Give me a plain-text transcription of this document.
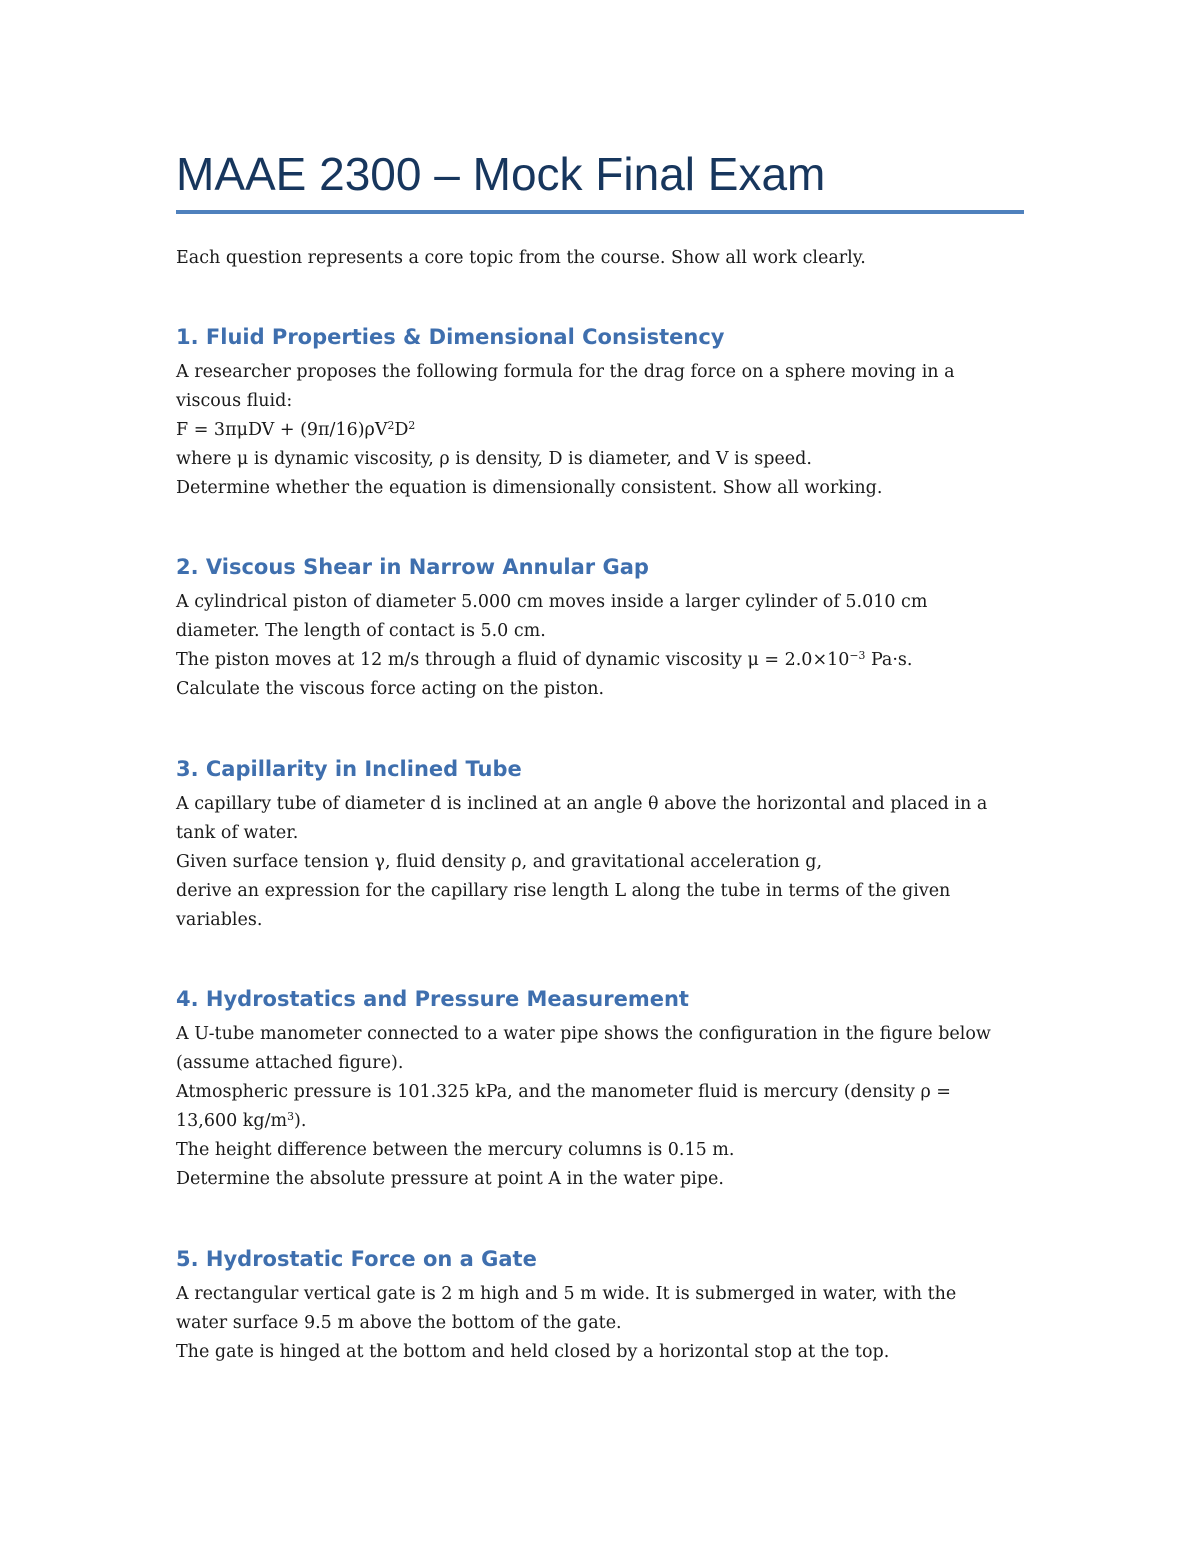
MAAE 2300 – Mock Final Exam

Each question represents a core topic from the course. Show all work clearly.

1. Fluid Properties & Dimensional Consistency

A researcher proposes the following formula for the drag force on a sphere moving in a

viscous fluid:

$F = 3\pi\mu DV + (9\pi/16)\rho V^2D^2$

where μ is dynamic viscosity, ρ is density, D is diameter, and V is speed.

Determine whether the equation is dimensionally consistent. Show all working.

2. Viscous Shear in Narrow Annular Gap

A cylindrical piston of diameter 5.000 cm moves inside a larger cylinder of 5.010 cm

diameter. The length of contact is 5.0 cm.

The piston moves at 12 m/s through a fluid of dynamic viscosity $\mu = 2.0\times 10^{-3}$ Pa·s.

Calculate the viscous force acting on the piston.

3. Capillarity in Inclined Tube

A capillary tube of diameter d is inclined at an angle θ above the horizontal and placed in a

tank of water.

Given surface tension γ, fluid density ρ, and gravitational acceleration g,

derive an expression for the capillary rise length L along the tube in terms of the given

variables.

4. Hydrostatics and Pressure Measurement

A U-tube manometer connected to a water pipe shows the configuration in the figure below

(assume attached figure).

Atmospheric pressure is 101.325 kPa, and the manometer fluid is mercury (density ρ =

13,600 $kg/m^3$).

The height difference between the mercury columns is 0.15 m.

Determine the absolute pressure at point A in the water pipe.

5. Hydrostatic Force on a Gate

A rectangular vertical gate is 2 m high and 5 m wide. It is submerged in water, with the

water surface 9.5 m above the bottom of the gate.

The gate is hinged at the bottom and held closed by a horizontal stop at the top.
